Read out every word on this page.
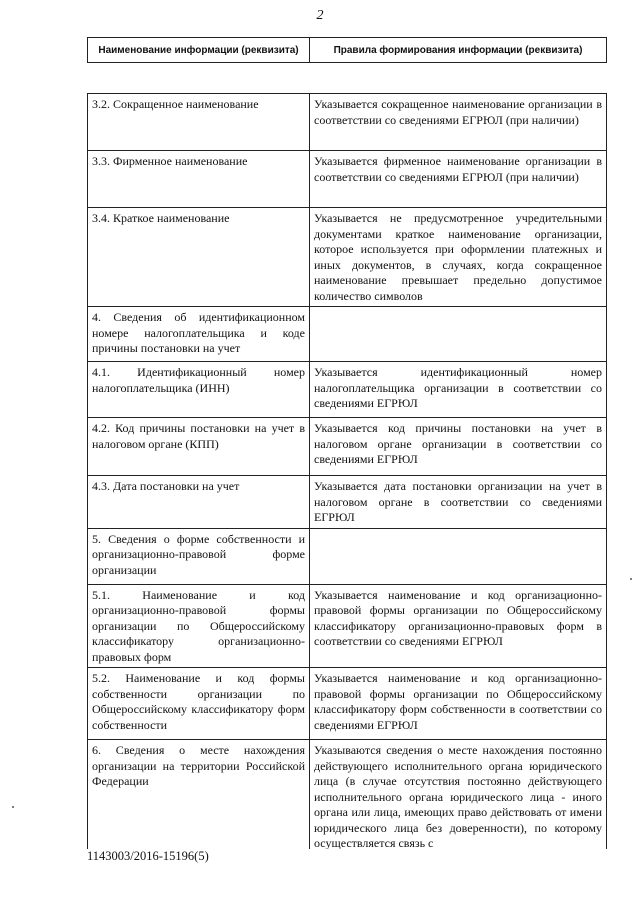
2
Наименование информации (реквизита)	Правила формирования информации (реквизита)
3.2. Сокращенное наименование	Указывается сокращенное наименование организации в соответствии со сведениями ЕГРЮЛ (при наличии)
3.3. Фирменное наименование	Указывается фирменное наименование организации в соответствии со сведениями ЕГРЮЛ (при наличии)
3.4. Краткое наименование	Указывается не предусмотренное учредительными документами краткое наименование организации, которое используется при оформлении платежных и иных документов, в случаях, когда сокращенное наименование превышает предельно допустимое количество символов
4. Сведения об идентификационном номере налогоплательщика и коде причины постановки на учет	
4.1. Идентификационный номер налогоплательщика (ИНН)	Указывается идентификационный номер налогоплательщика организации в соответствии со сведениями ЕГРЮЛ
4.2. Код причины постановки на учет в налоговом органе (КПП)	Указывается код причины постановки на учет в налоговом органе организации в соответствии со сведениями ЕГРЮЛ
4.3. Дата постановки на учет	Указывается дата постановки организации на учет в налоговом органе в соответствии со сведениями ЕГРЮЛ
5. Сведения о форме собственности и организационно-правовой форме организации	
5.1. Наименование и код организационно-правовой формы организации по Общероссийскому классификатору организационно-правовых форм	Указывается наименование и код организационно-правовой формы организации по Общероссийскому классификатору организационно-правовых форм в соответствии со сведениями ЕГРЮЛ
5.2. Наименование и код формы собственности организации по Общероссийскому классификатору форм собственности	Указывается наименование и код организационно-правовой формы организации по Общероссийскому классификатору форм собственности в соответствии со сведениями ЕГРЮЛ
6. Сведения о месте нахождения организации на территории Российской Федерации	Указываются сведения о месте нахождения постоянно действующего исполнительного органа юридического лица (в случае отсутствия постоянно действующего исполнительного органа юридического лица - иного органа или лица, имеющих право действовать от имени юридического лица без доверенности), по которому осуществляется связь с
1143003/2016-15196(5)
